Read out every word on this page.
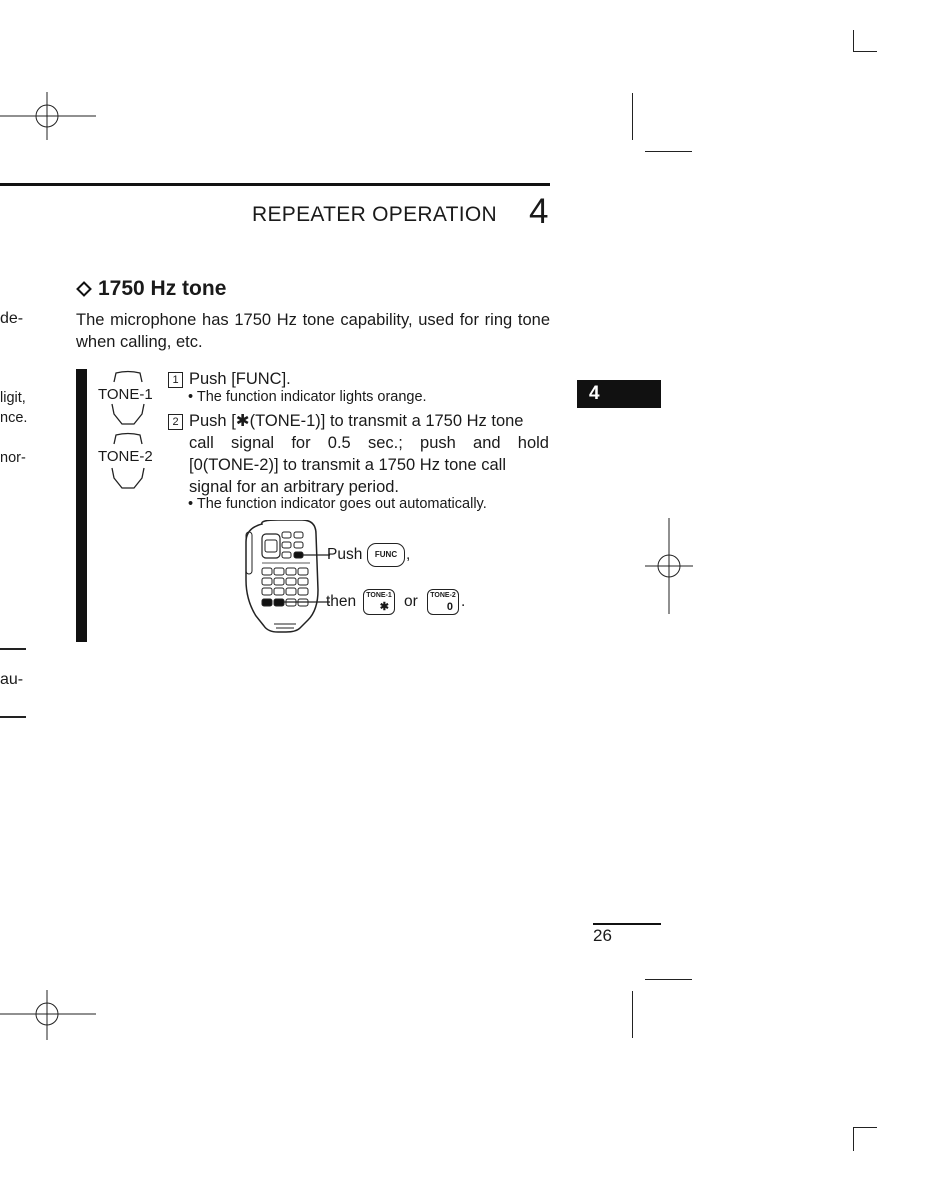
REPEATER OPERATION 4
de-
ligit,
nce.
nor-
au-
1750 Hz tone
The microphone has 1750 Hz tone capability, used for ring tone when calling, etc.
TONE-1
TONE-2
1 Push [FUNC].
• The function indicator lights orange.
2 Push [✱(TONE-1)] to transmit a 1750 Hz tone
call signal for 0.5 sec.; push and hold
[0(TONE-2)] to transmit a 1750 Hz tone call
signal for an arbitrary period.
• The function indicator goes out automatically.
Push	FUNC ,
then	TONE-1
✱ or	TONE-2
0 .
4
26
